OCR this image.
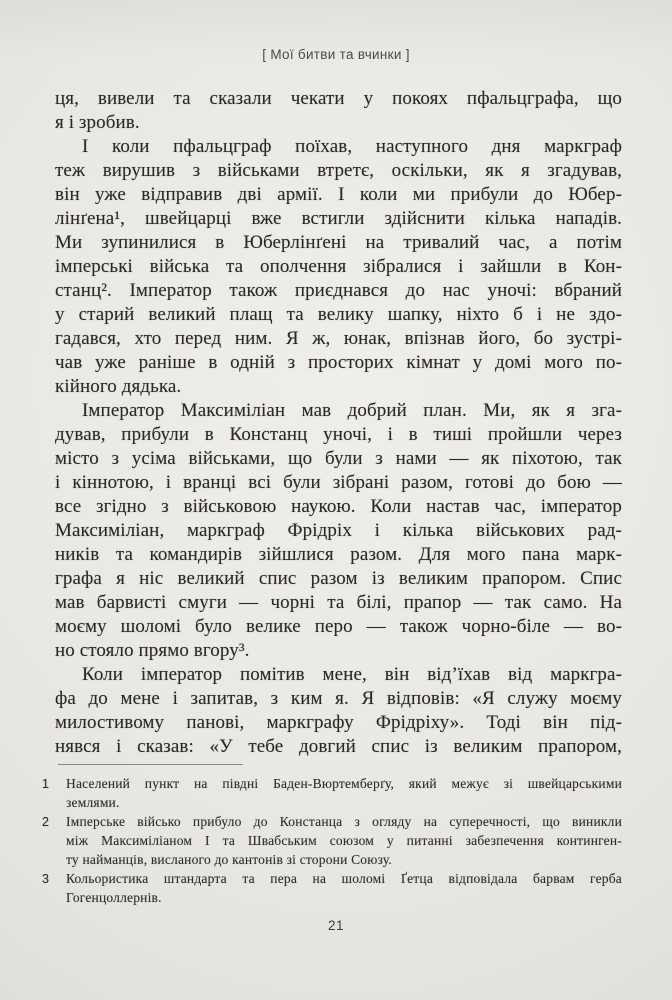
[ Мої битви та вчинки ]
ця, вивели та сказали чекати у покоях пфальцграфа, що
я і зробив.
І коли пфальцграф поїхав, наступного дня маркграф
теж вирушив з військами втретє, оскільки, як я згадував,
він уже відправив дві армії. І коли ми прибули до Юбер-
лінґена¹, швейцарці вже встигли здійснити кілька нападів.
Ми зупинилися в Юберлінґені на тривалий час, а потім
імперські війська та ополчення зібралися і зайшли в Кон-
станц². Імператор також приєднався до нас уночі: вбраний
у старий великий плащ та велику шапку, ніхто б і не здо-
гадався, хто перед ним. Я ж, юнак, впізнав його, бо зустрі-
чав уже раніше в одній з просторих кімнат у домі мого по-
кійного дядька.
Імператор Максиміліан мав добрий план. Ми, як я зга-
дував, прибули в Констанц уночі, і в тиші пройшли через
місто з усіма військами, що були з нами — як піхотою, так
і кіннотою, і вранці всі були зібрані разом, готові до бою —
все згідно з військовою наукою. Коли настав час, імператор
Максиміліан, маркграф Фрідріх і кілька військових рад-
ників та командирів зійшлися разом. Для мого пана марк-
графа я ніс великий спис разом із великим прапором. Спис
мав барвисті смуги — чорні та білі, прапор — так само. На
моєму шоломі було велике перо — також чорно-біле — во-
но стояло прямо вгору³.
Коли імператор помітив мене, він від’їхав від маркгра-
фа до мене і запитав, з ким я. Я відповів: «Я служу моєму
милостивому панові, маркграфу Фрідріху». Тоді він під-
нявся і сказав: «У тебе довгий спис із великим прапором,
1	Населений пункт на півдні Баден-Вюртемберґу, який межує зі швейцарськими
землями.
2	Імперське військо прибуло до Констанца з огляду на суперечності, що виникли
між Максиміліаном І та Швабським союзом у питанні забезпечення континген-
ту найманців, висланого до кантонів зі сторони Союзу.
3	Кольористика штандарта та пера на шоломі Ґетца відповідала барвам герба
Гогенцоллернів.
21
